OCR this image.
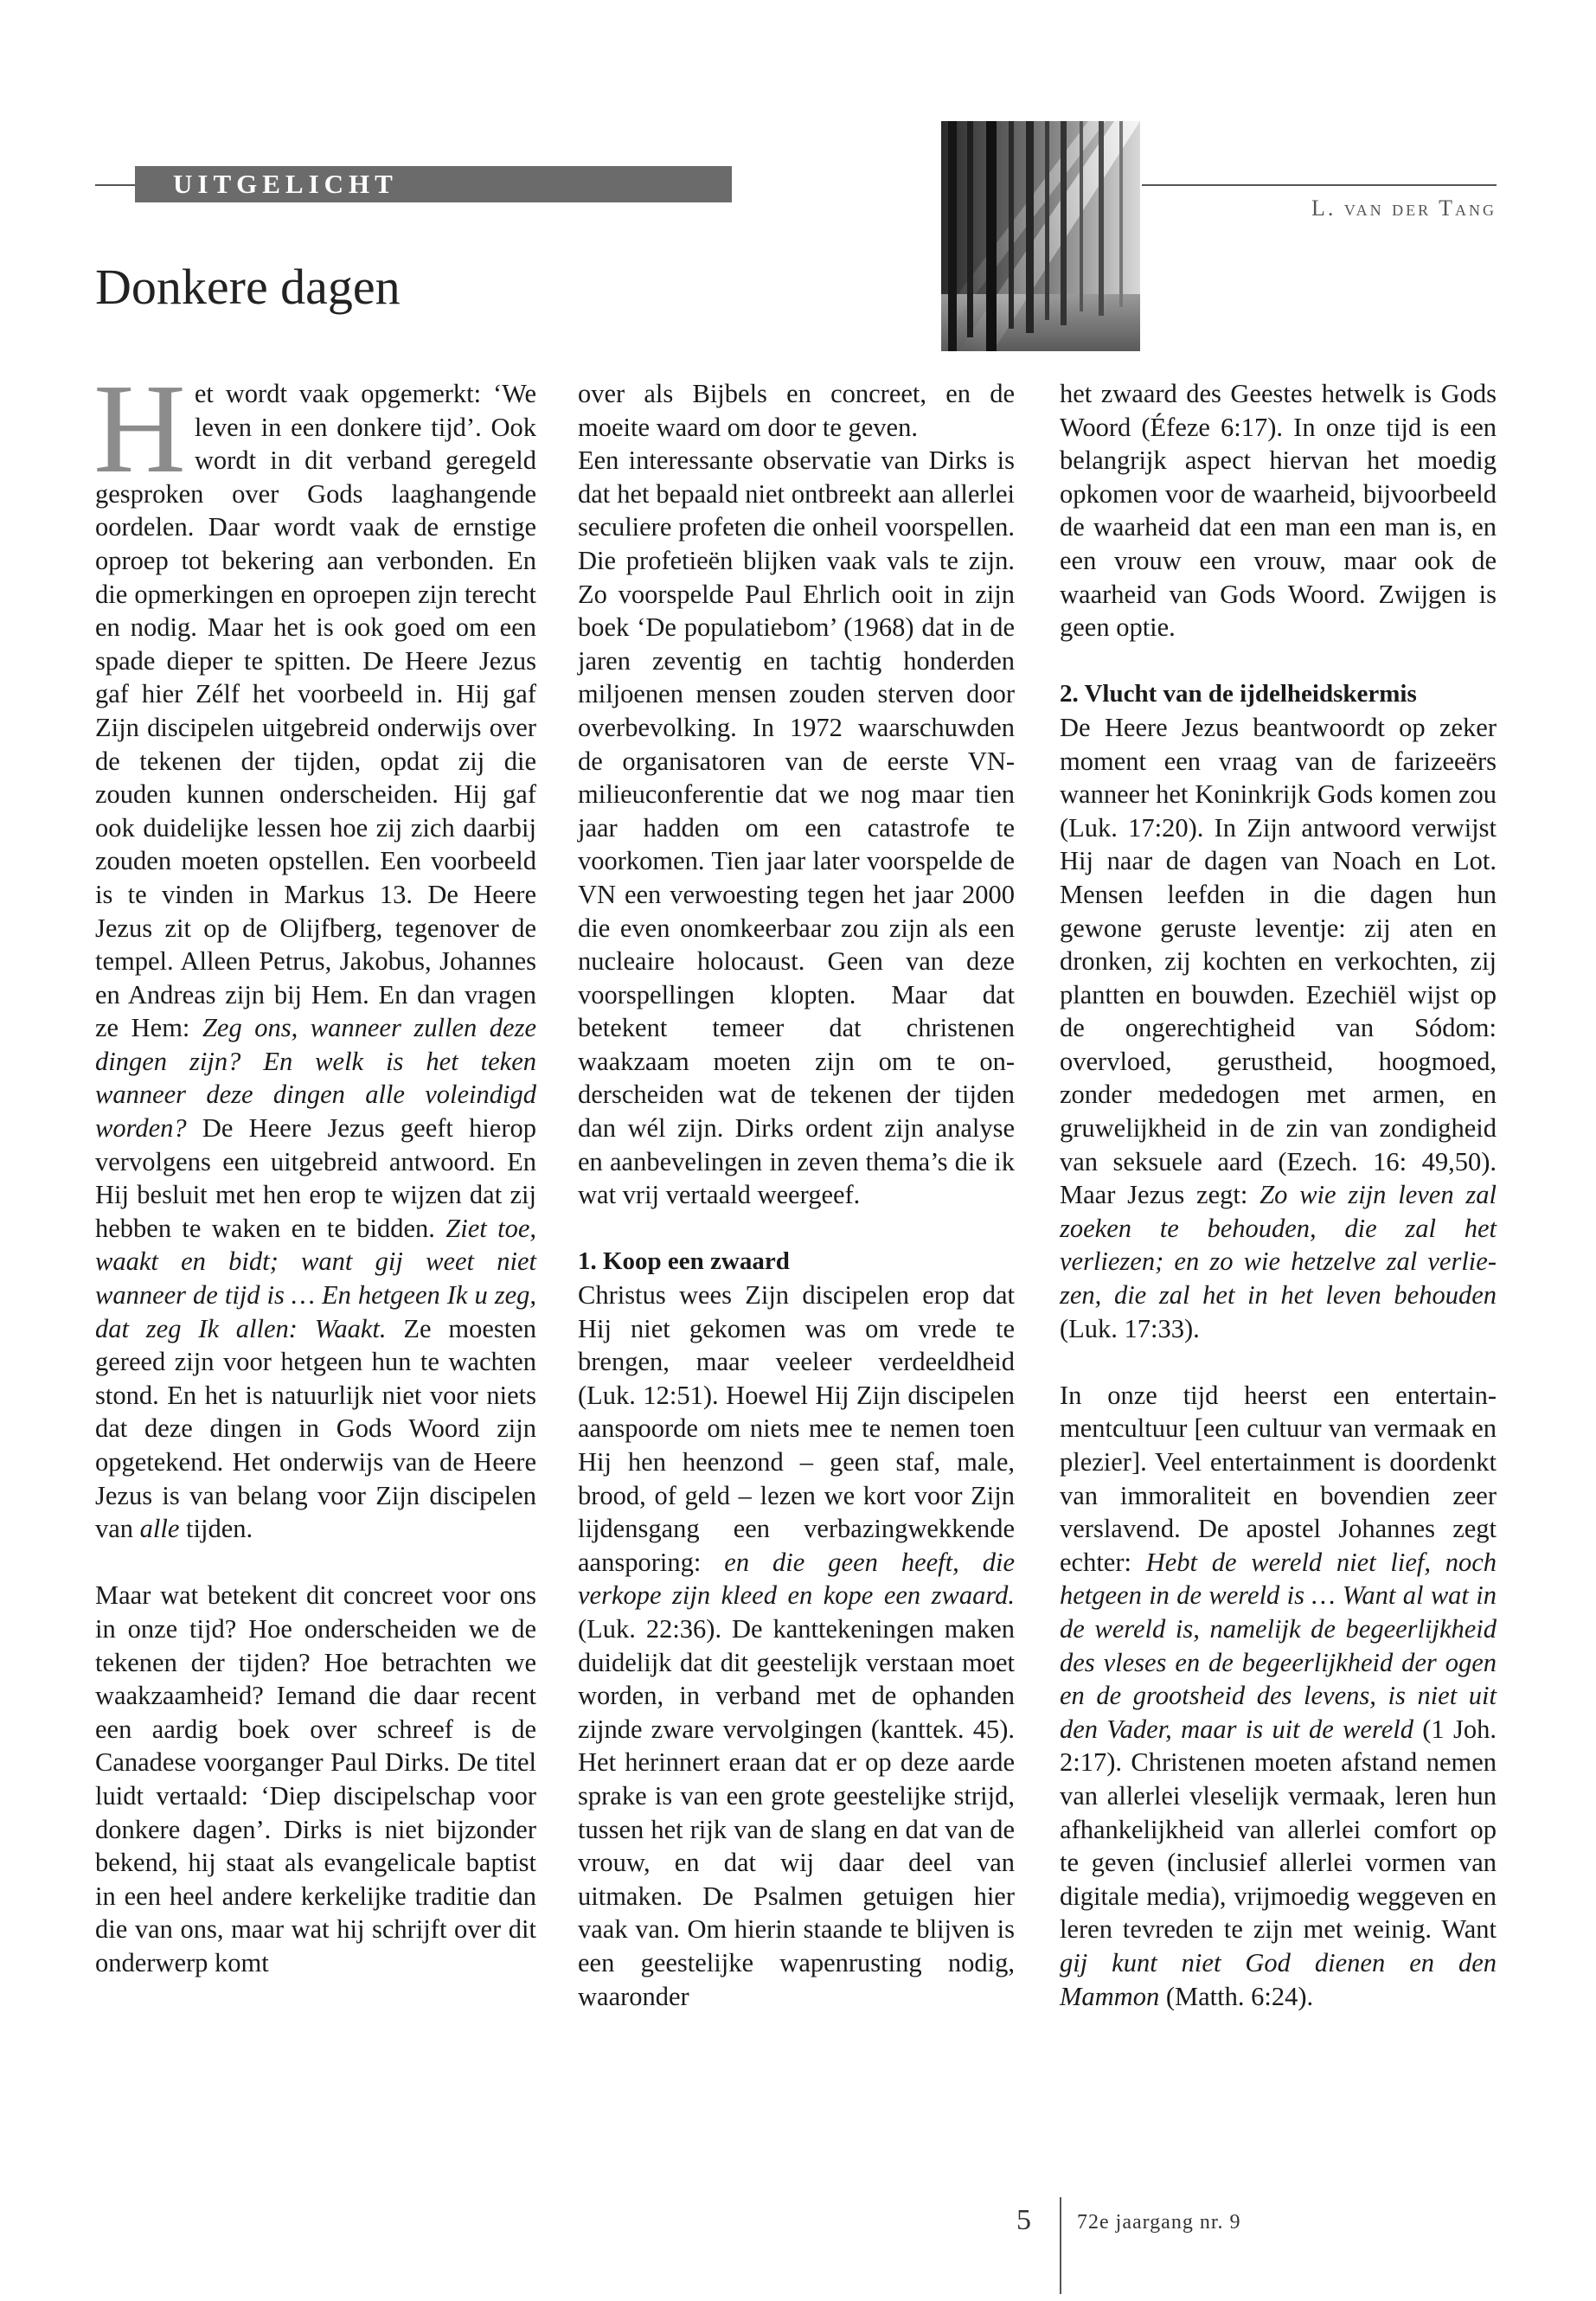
UITGELICHT
L. van der Tang
Donkere dagen

Het wordt vaak opgemerkt: ‘We leven in een donkere tijd’. Ook wordt in dit verband geregeld gesproken over Gods laaghangende oordelen. Daar wordt vaak de ernstige oproep tot bekering aan verbonden. En die opmerkingen en oproepen zijn terecht en nodig. Maar het is ook goed om een spade dieper te spitten. De Heere Jezus gaf hier Zélf het voorbeeld in. Hij gaf Zijn discipelen uitgebreid onderwijs over de tekenen der tijden, opdat zij die zouden kunnen onderscheiden. Hij gaf ook duidelijke lessen hoe zij zich daarbij zouden moeten opstellen. Een voorbeeld is te vinden in Markus 13. De Heere Jezus zit op de Olijfberg, tegenover de tempel. Alleen Petrus, Jakobus, Johannes en Andreas zijn bij Hem. En dan vragen ze Hem: Zeg ons, wanneer zullen deze dingen zijn? En welk is het teken wanneer deze dingen alle voleindigd worden? De Heere Jezus geeft hierop vervolgens een uitgebreid antwoord. En Hij besluit met hen erop te wijzen dat zij hebben te waken en te bidden. Ziet toe, waakt en bidt; want gij weet niet wanneer de tijd is … En hetgeen Ik u zeg, dat zeg Ik allen: Waakt. Ze moesten gereed zijn voor hetgeen hun te wachten stond. En het is natuurlijk niet voor niets dat deze dingen in Gods Woord zijn opgetekend. Het onderwijs van de Heere Jezus is van belang voor Zijn discipelen van alle tijden.

Maar wat betekent dit concreet voor ons in onze tijd? Hoe onderscheiden we de tekenen der tijden? Hoe betrachten we waakzaamheid? Iemand die daar recent een aardig boek over schreef is de Canadese voorganger Paul Dirks. De titel luidt vertaald: ‘Diep discipelschap voor donkere dagen’. Dirks is niet bijzonder bekend, hij staat als evangelicale baptist in een heel andere kerkelijke traditie dan die van ons, maar wat hij schrijft over dit onderwerp komt

over als Bijbels en concreet, en de moeite waard om door te geven.

Een interessante observatie van Dirks is dat het bepaald niet ontbreekt aan allerlei seculiere profeten die onheil voorspellen. Die profetieën blijken vaak vals te zijn. Zo voorspelde Paul Ehrlich ooit in zijn boek ‘De populatiebom’ (1968) dat in de jaren zeventig en tachtig honderden miljoenen mensen zouden sterven door overbevolking. In 1972 waarschuwden de organisatoren van de eerste VN-milieuconferentie dat we nog maar tien jaar hadden om een catastrofe te voorkomen. Tien jaar later voorspelde de VN een verwoesting tegen het jaar 2000 die even onomkeerbaar zou zijn als een nucleaire holocaust. Geen van deze voorspellingen klopten. Maar dat betekent temeer dat christenen waakzaam moeten zijn om te onderscheiden wat de tekenen der tijden dan wél zijn. Dirks ordent zijn analyse en aanbevelingen in zeven thema’s die ik wat vrij vertaald weergeef.

1. Koop een zwaard

Christus wees Zijn discipelen erop dat Hij niet gekomen was om vrede te brengen, maar veeleer verdeeldheid (Luk. 12:51). Hoewel Hij Zijn discipelen aanspoorde om niets mee te nemen toen Hij hen heenzond – geen staf, male, brood, of geld – lezen we kort voor Zijn lijdensgang een verbazingwekkende aansporing: en die geen heeft, die verkope zijn kleed en kope een zwaard. (Luk. 22:36). De kanttekeningen maken duidelijk dat dit geestelijk verstaan moet worden, in verband met de ophanden zijnde zware vervolgingen (kanttek. 45). Het herinnert eraan dat er op deze aarde sprake is van een grote geestelijke strijd, tussen het rijk van de slang en dat van de vrouw, en dat wij daar deel van uitmaken. De Psalmen getuigen hier vaak van. Om hierin staande te blijven is een geestelijke wapenrusting nodig, waaronder

het zwaard des Geestes hetwelk is Gods Woord (Éfeze 6:17). In onze tijd is een belangrijk aspect hiervan het moedig opkomen voor de waarheid, bijvoorbeeld de waarheid dat een man een man is, en een vrouw een vrouw, maar ook de waarheid van Gods Woord. Zwijgen is geen optie.

2. Vlucht van de ijdelheidskermis

De Heere Jezus beantwoordt op zeker moment een vraag van de farizeeërs wanneer het Koninkrijk Gods komen zou (Luk. 17:20). In Zijn antwoord verwijst Hij naar de dagen van Noach en Lot. Mensen leefden in die dagen hun gewone geruste leventje: zij aten en dronken, zij kochten en verkochten, zij plantten en bouwden. Ezechiël wijst op de ongerechtigheid van Sódom: overvloed, gerustheid, hoogmoed, zonder mededogen met armen, en gruwelijkheid in de zin van zondigheid van seksuele aard (Ezech. 16: 49,50). Maar Jezus zegt: Zo wie zijn leven zal zoeken te behouden, die zal het verliezen; en zo wie hetzelve zal verliezen, die zal het in het leven behouden (Luk. 17:33).

In onze tijd heerst een entertainmentcultuur [een cultuur van vermaak en plezier]. Veel entertainment is doordenkt van immoraliteit en bovendien zeer verslavend. De apostel Johannes zegt echter: Hebt de wereld niet lief, noch hetgeen in de wereld is … Want al wat in de wereld is, namelijk de begeerlijkheid des vleses en de begeerlijkheid der ogen en de grootsheid des levens, is niet uit den Vader, maar is uit de wereld (1 Joh. 2:17). Christenen moeten afstand nemen van allerlei vleselijk vermaak, leren hun afhankelijkheid van allerlei comfort op te geven (inclusief allerlei vormen van digitale media), vrijmoedig weggeven en leren tevreden te zijn met weinig. Want gij kunt niet God dienen en den Mammon (Matth. 6:24).

5 72e jaargang nr. 9
